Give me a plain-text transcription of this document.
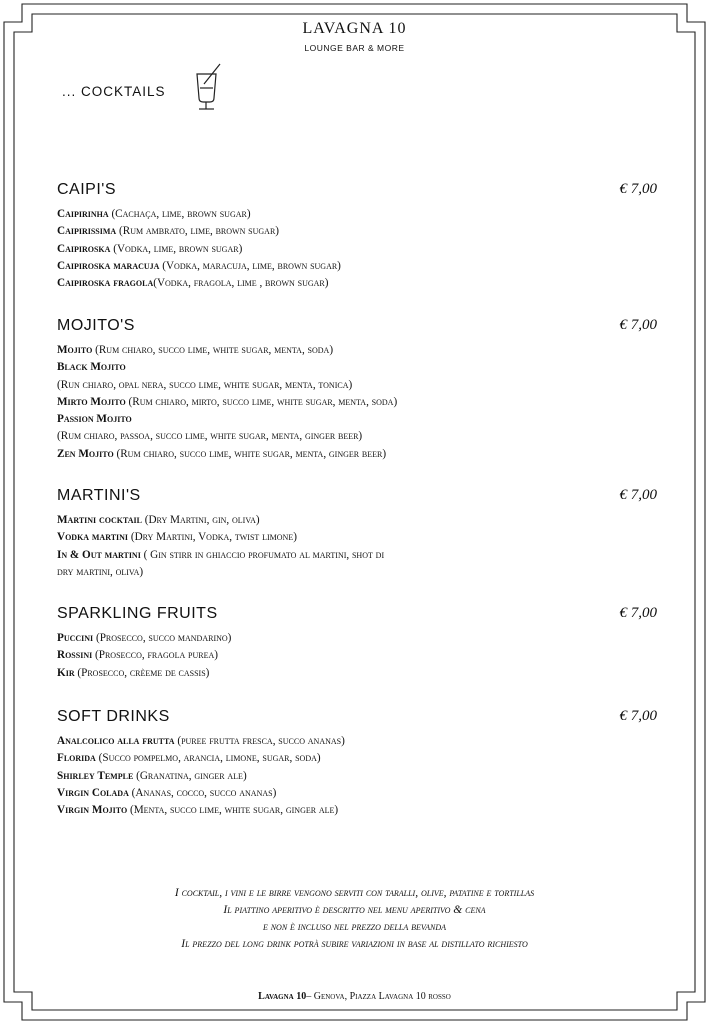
LAVAGNA 10
LOUNGE BAR & MORE
... COCKTAILS
CAIPI'S	€ 7,00
Caipirinha (Cachaça, lime, brown sugar)
Caipirissima (Rum ambrato, lime, brown sugar)
Caipiroska (Vodka, lime, brown sugar)
Caipiroska maracuja (Vodka, maracuja, lime, brown sugar)
Caipiroska fragola(Vodka, fragola, lime , brown sugar)
MOJITO'S	€ 7,00
Mojito (Rum chiaro, succo lime, white sugar, menta, soda)
Black Mojito
(Run chiaro, opal nera, succo lime, white sugar, menta, tonica)
Mirto Mojito (Rum chiaro, mirto, succo lime, white sugar, menta, soda)
Passion Mojito
(Rum chiaro, passoa, succo lime, white sugar, menta, ginger beer)
Zen Mojito (Rum chiaro, succo lime, white sugar, menta, ginger beer)
MARTINI'S	€ 7,00
Martini cocktail (Dry Martini, gin, oliva)
Vodka martini (Dry Martini, Vodka, twist limone)
In & Out martini ( Gin stirr in ghiaccio profumato al martini, shot di
dry martini, oliva)
SPARKLING FRUITS	€ 7,00
Puccini (Prosecco, succo mandarino)
Rossini (Prosecco, fragola purea)
Kir (Prosecco, crèeme de cassis)
SOFT DRINKS	€ 7,00
Analcolico alla frutta (puree frutta fresca, succo ananas)
Florida (Succo pompelmo, arancia, limone, sugar, soda)
Shirley Temple (Granatina, ginger ale)
Virgin Colada (Ananas, cocco, succo ananas)
Virgin Mojito (Menta, succo lime, white sugar, ginger ale)
I cocktail, i vini e le birre vengono serviti con taralli, olive, patatine e tortillas
Il piattino aperitivo è descritto nel menu aperitivo & cena
e non è incluso nel prezzo della bevanda
Il prezzo del long drink potrà subire variazioni in base al distillato richiesto
Lavagna 10– Genova, Piazza Lavagna 10 rosso
